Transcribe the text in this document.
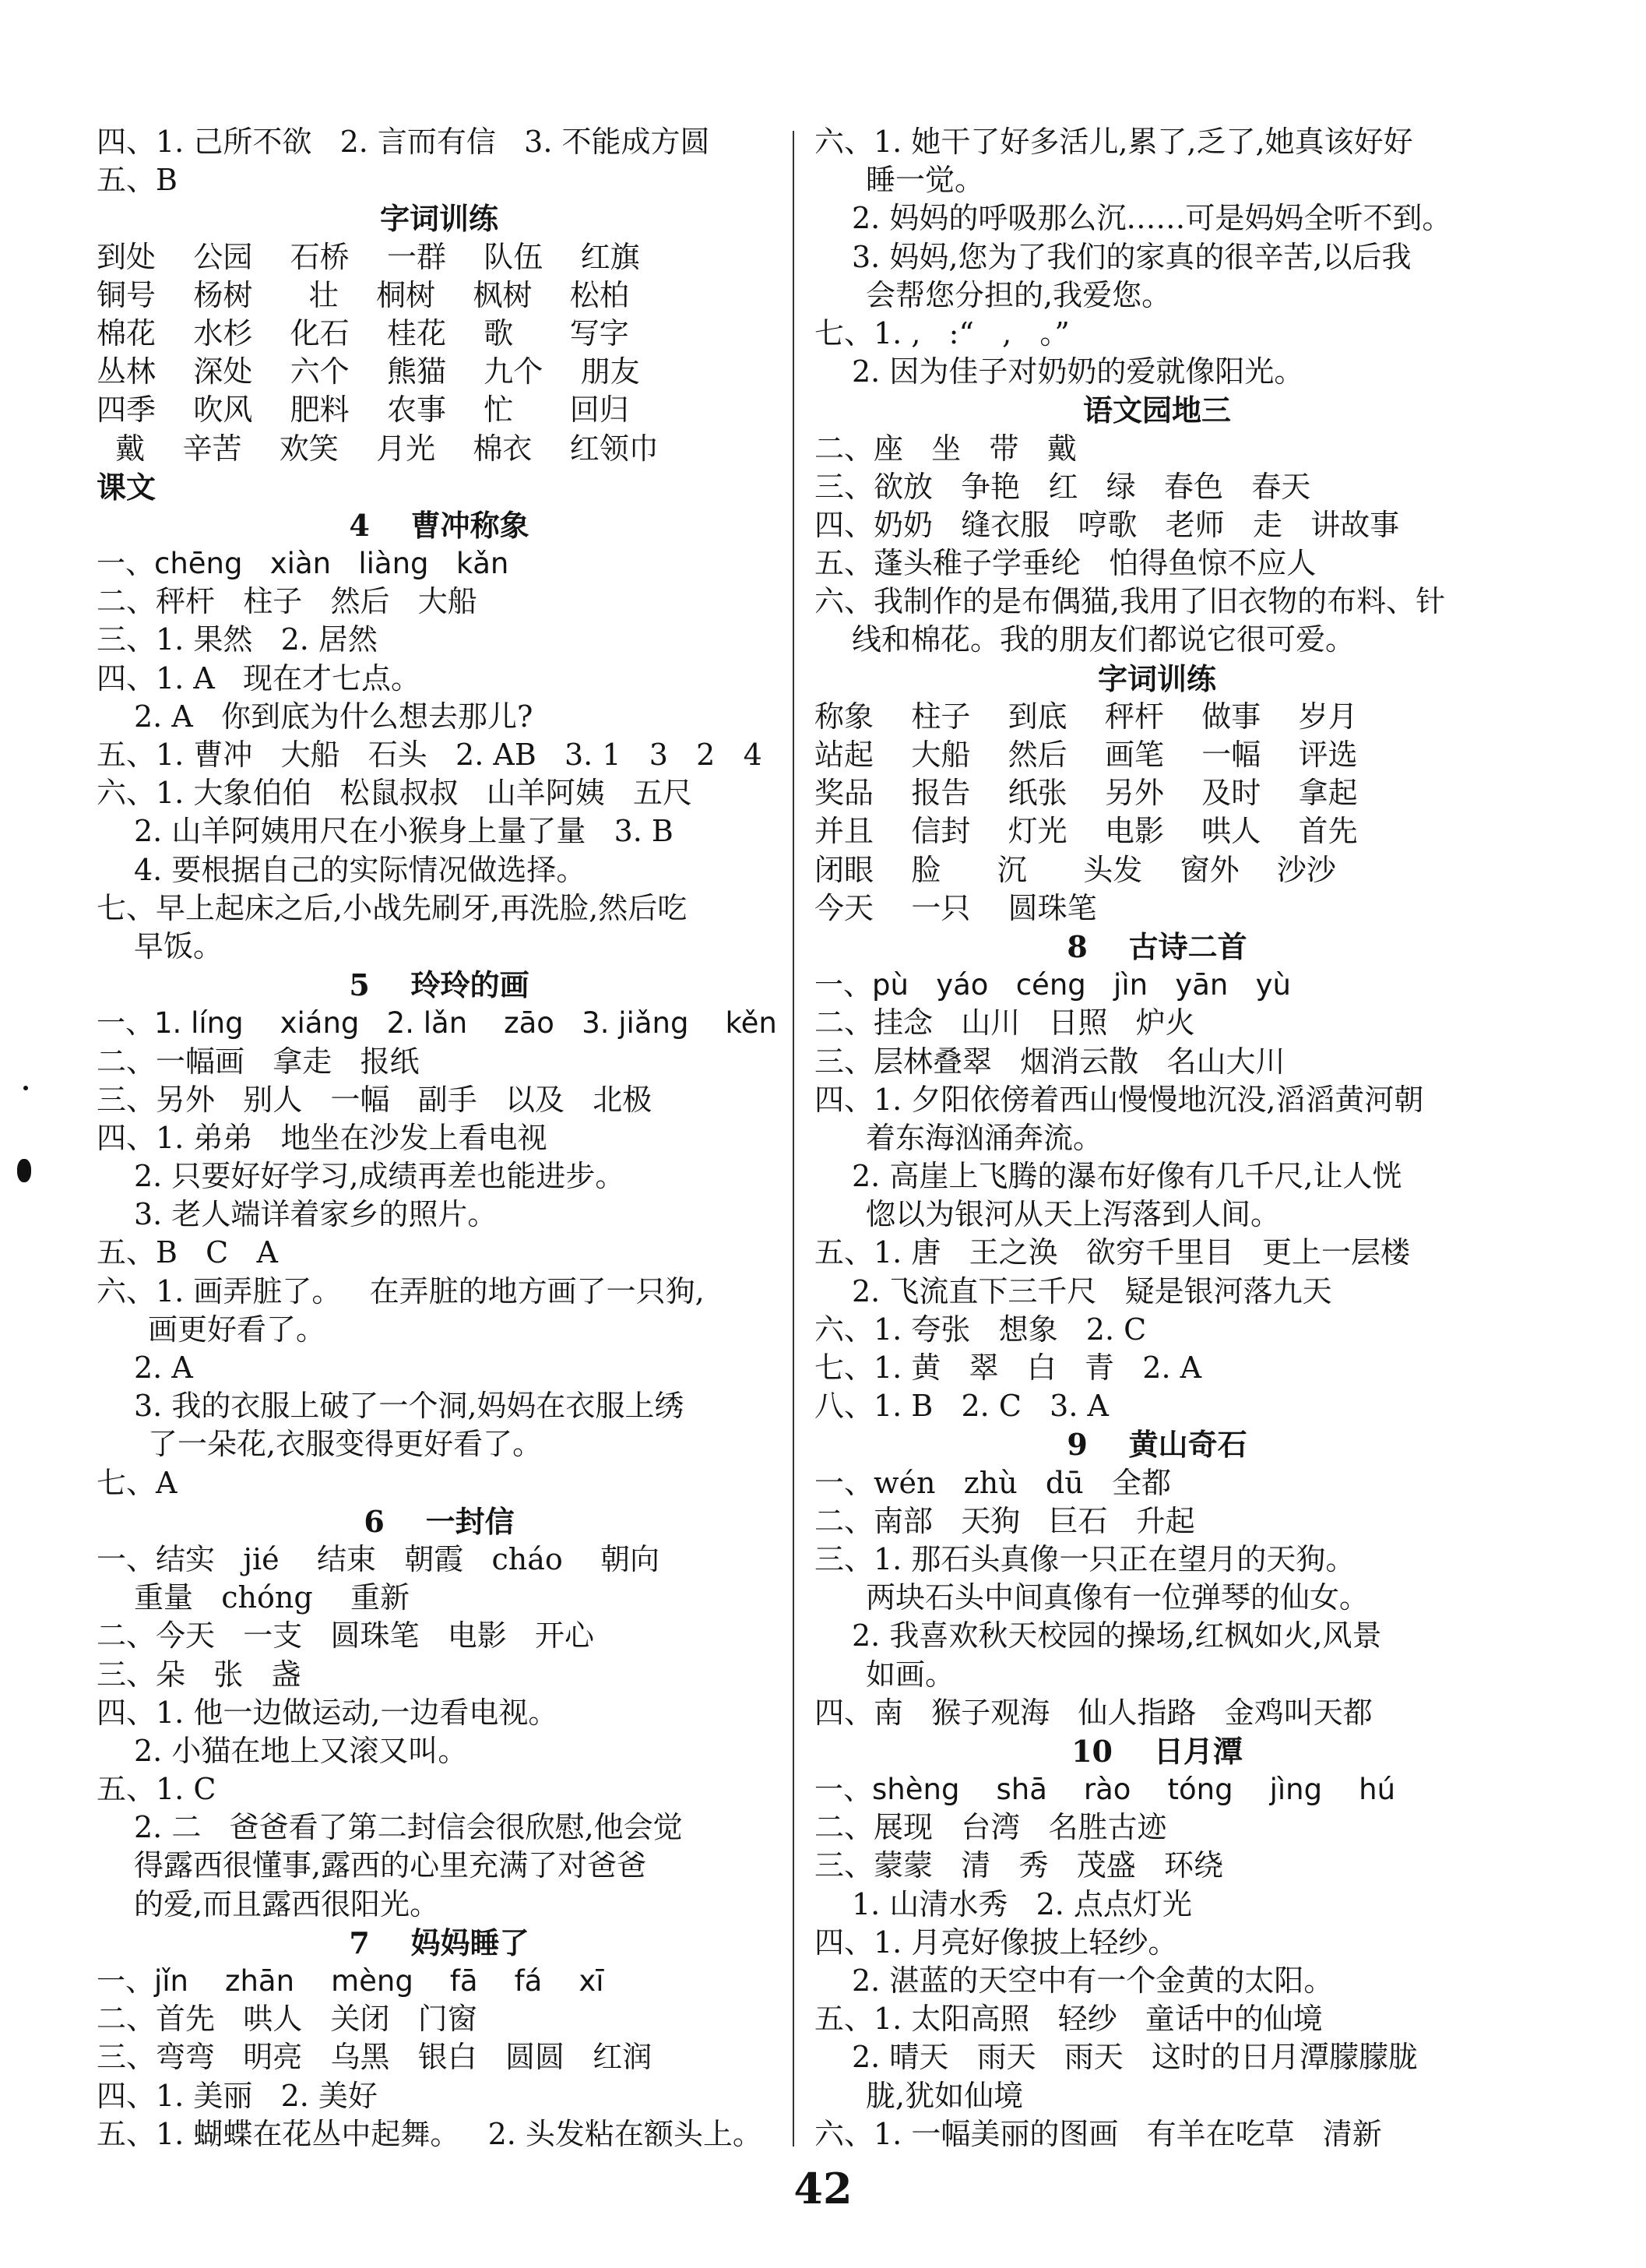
四、1. 己所不欲   2. 言而有信   3. 不能成方圆
五、B
字词训练
到处    公园    石桥    一群    队伍    红旗
铜号    杨树      壮    桐树    枫树    松柏
棉花    水杉    化石    桂花    歌      写字
丛林    深处    六个    熊猫    九个    朋友
四季    吹风    肥料    农事    忙      回归
戴    辛苦    欢笑    月光    棉衣    红领巾
课文
4    曹冲称象
一、chēng   xiàn   liàng   kǎn
二、秤杆   柱子   然后   大船
三、1. 果然   2. 居然
四、1. A   现在才七点。
2. A   你到底为什么想去那儿?
五、1. 曹冲   大船   石头   2. AB   3. 1   3   2   4
六、1. 大象伯伯   松鼠叔叔   山羊阿姨   五尺
2. 山羊阿姨用尺在小猴身上量了量   3. B
4. 要根据自己的实际情况做选择。
七、早上起床之后,小战先刷牙,再洗脸,然后吃
早饭。
5    玲玲的画
一、1. líng    xiáng   2. lǎn    zāo   3. jiǎng    kěn
二、一幅画   拿走   报纸
三、另外   别人   一幅   副手   以及   北极
四、1. 弟弟   地坐在沙发上看电视
2. 只要好好学习,成绩再差也能进步。
3. 老人端详着家乡的照片。
五、B   C   A
六、1. 画弄脏了。   在弄脏的地方画了一只狗,
画更好看了。
2. A
3. 我的衣服上破了一个洞,妈妈在衣服上绣
了一朵花,衣服变得更好看了。
七、A
6    一封信
一、结实   jié    结束   朝霞   cháo    朝向
重量   chóng    重新
二、今天   一支   圆珠笔   电影   开心
三、朵   张   盏
四、1. 他一边做运动,一边看电视。
2. 小猫在地上又滚又叫。
五、1. C
2. 二   爸爸看了第二封信会很欣慰,他会觉
得露西很懂事,露西的心里充满了对爸爸
的爱,而且露西很阳光。
7    妈妈睡了
一、jǐn    zhān    mèng    fā    fá    xī
二、首先   哄人   关闭   门窗
三、弯弯   明亮   乌黑   银白   圆圆   红润
四、1. 美丽   2. 美好
五、1. 蝴蝶在花丛中起舞。   2. 头发粘在额头上。
六、1. 她干了好多活儿,累了,乏了,她真该好好
睡一觉。
2. 妈妈的呼吸那么沉……可是妈妈全听不到。
3. 妈妈,您为了我们的家真的很辛苦,以后我
会帮您分担的,我爱您。
七、1. ,   :“   ,   。”
2. 因为佳子对奶奶的爱就像阳光。
语文园地三
二、座   坐   带   戴
三、欲放   争艳   红   绿   春色   春天
四、奶奶   缝衣服   哼歌   老师   走   讲故事
五、蓬头稚子学垂纶   怕得鱼惊不应人
六、我制作的是布偶猫,我用了旧衣物的布料、针
线和棉花。我的朋友们都说它很可爱。
字词训练
称象    柱子    到底    秤杆    做事    岁月
站起    大船    然后    画笔    一幅    评选
奖品    报告    纸张    另外    及时    拿起
并且    信封    灯光    电影    哄人    首先
闭眼    脸      沉      头发    窗外    沙沙
今天    一只    圆珠笔
8    古诗二首
一、pù   yáo   céng   jìn   yān   yù
二、挂念   山川   日照   炉火
三、层林叠翠   烟消云散   名山大川
四、1. 夕阳依傍着西山慢慢地沉没,滔滔黄河朝
着东海汹涌奔流。
2. 高崖上飞腾的瀑布好像有几千尺,让人恍
惚以为银河从天上泻落到人间。
五、1. 唐   王之涣   欲穷千里目   更上一层楼
2. 飞流直下三千尺   疑是银河落九天
六、1. 夸张   想象   2. C
七、1. 黄   翠   白   青   2. A
八、1. B   2. C   3. A
9    黄山奇石
一、wén   zhù   dū   全都
二、南部   天狗   巨石   升起
三、1. 那石头真像一只正在望月的天狗。
两块石头中间真像有一位弹琴的仙女。
2. 我喜欢秋天校园的操场,红枫如火,风景
如画。
四、南   猴子观海   仙人指路   金鸡叫天都
10    日月潭
一、shèng    shā    rào    tóng    jìng    hú
二、展现   台湾   名胜古迹
三、蒙蒙   清   秀   茂盛   环绕
1. 山清水秀   2. 点点灯光
四、1. 月亮好像披上轻纱。
2. 湛蓝的天空中有一个金黄的太阳。
五、1. 太阳高照   轻纱   童话中的仙境
2. 晴天   雨天   雨天   这时的日月潭朦朦胧
胧,犹如仙境
六、1. 一幅美丽的图画   有羊在吃草   清新
42
